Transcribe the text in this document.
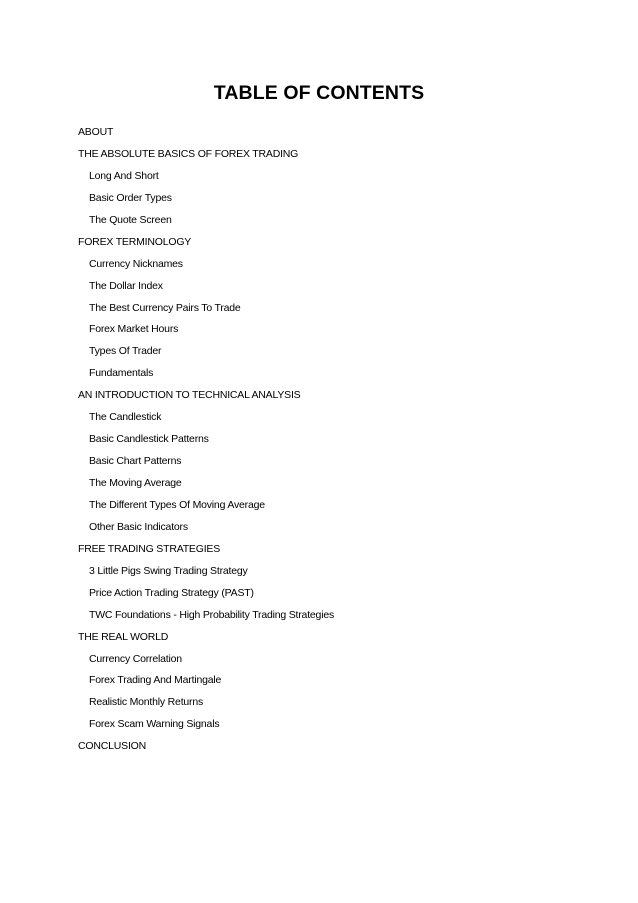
TABLE OF CONTENTS
ABOUT
THE ABSOLUTE BASICS OF FOREX TRADING
Long And Short
Basic Order Types
The Quote Screen
FOREX TERMINOLOGY
Currency Nicknames
The Dollar Index
The Best Currency Pairs To Trade
Forex Market Hours
Types Of Trader
Fundamentals
AN INTRODUCTION TO TECHNICAL ANALYSIS
The Candlestick
Basic Candlestick Patterns
Basic Chart Patterns
The Moving Average
The Different Types Of Moving Average
Other Basic Indicators
FREE TRADING STRATEGIES
3 Little Pigs Swing Trading Strategy
Price Action Trading Strategy (PAST)
TWC Foundations - High Probability Trading Strategies
THE REAL WORLD
Currency Correlation
Forex Trading And Martingale
Realistic Monthly Returns
Forex Scam Warning Signals
CONCLUSION
